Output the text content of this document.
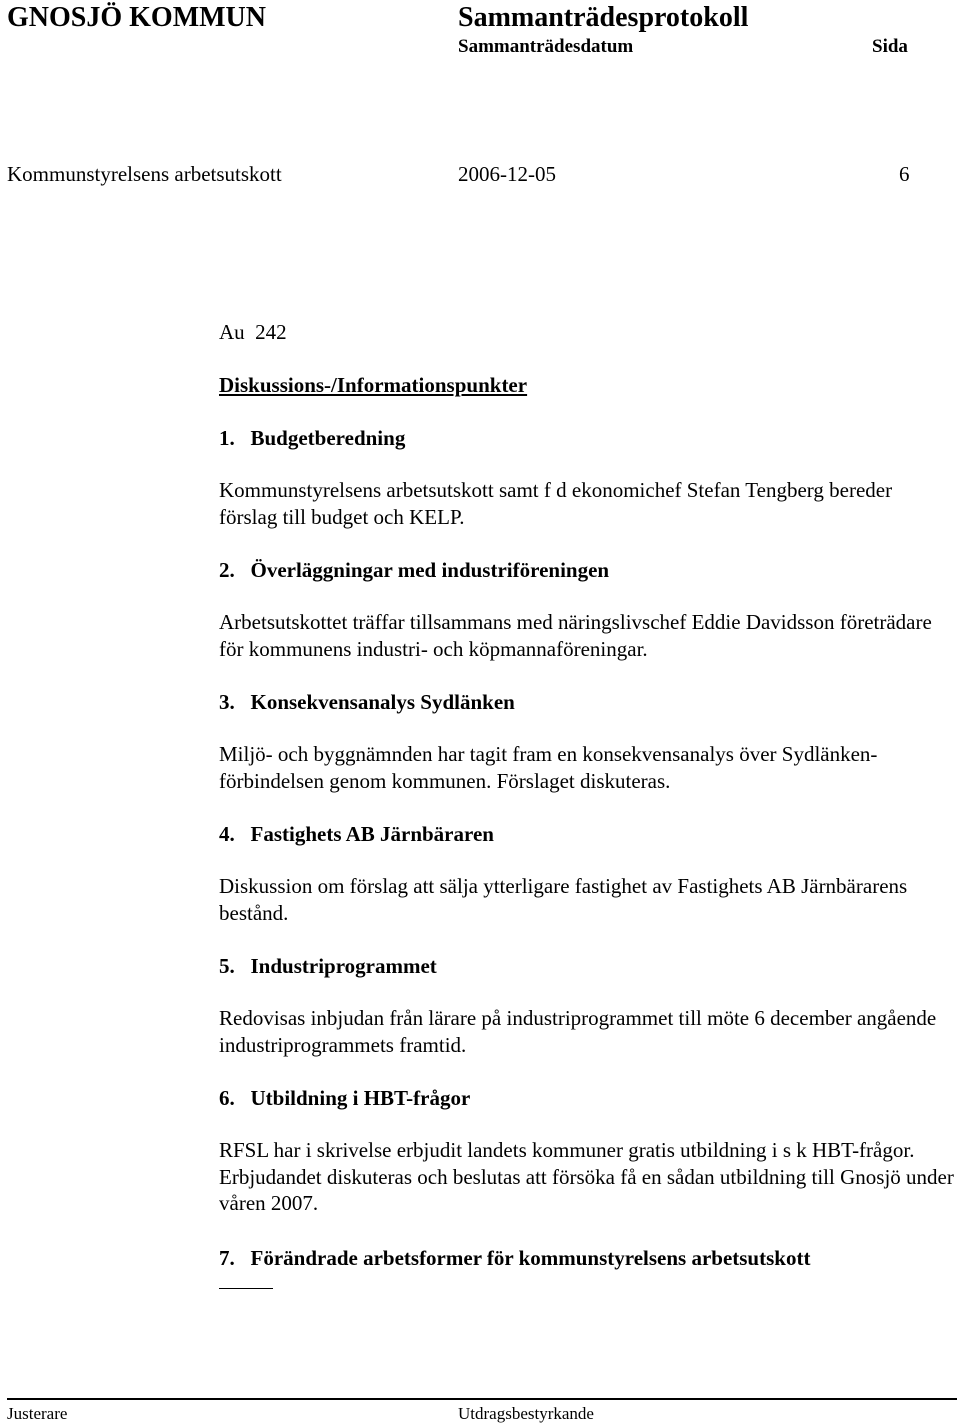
GNOSJÖ KOMMUN	Sammanträdesprotokoll
Sammanträdesdatum	Sida
Kommunstyrelsens arbetsutskott	2006-12-05	6

Au  242

Diskussions-/Informationspunkter

1.   Budgetberedning

Kommunstyrelsens arbetsutskott samt f d ekonomichef Stefan Tengberg bereder förslag till budget och KELP.

2.   Överläggningar med industriföreningen

Arbetsutskottet träffar tillsammans med näringslivschef Eddie Davidsson företrädare för kommunens industri- och köpmannaföreningar.

3.   Konsekvensanalys Sydlänken

Miljö- och byggnämnden har tagit fram en konsekvensanalys över Sydlänken-förbindelsen genom kommunen. Förslaget diskuteras.

4.   Fastighets AB Järnbäraren

Diskussion om förslag att sälja ytterligare fastighet av Fastighets AB Järnbärarens bestånd.

5.   Industriprogrammet

Redovisas inbjudan från lärare på industriprogrammet till möte 6 december angående industriprogrammets framtid.

6.   Utbildning i HBT-frågor

RFSL har i skrivelse erbjudit landets kommuner gratis utbildning i s k HBT-frågor. Erbjudandet diskuteras och beslutas att försöka få en sådan utbildning till Gnosjö under våren 2007.

7.   Förändrade arbetsformer för kommunstyrelsens arbetsutskott

Justerare	Utdragsbestyrkande
